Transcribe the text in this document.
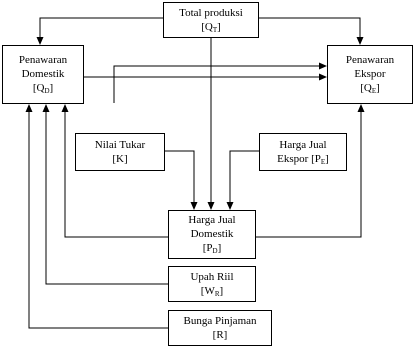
Total produksi
$[Q_T]$
Penawaran
Domestik
$[Q_D]$
Penawaran
Ekspor
$[Q_E]$
Nilai Tukar
[K]
Harga Jual
Ekspor $[P_E]$
Harga Jual
Domestik
$[P_D]$
Upah Riil
$[W_R]$
Bunga Pinjaman
[R]
